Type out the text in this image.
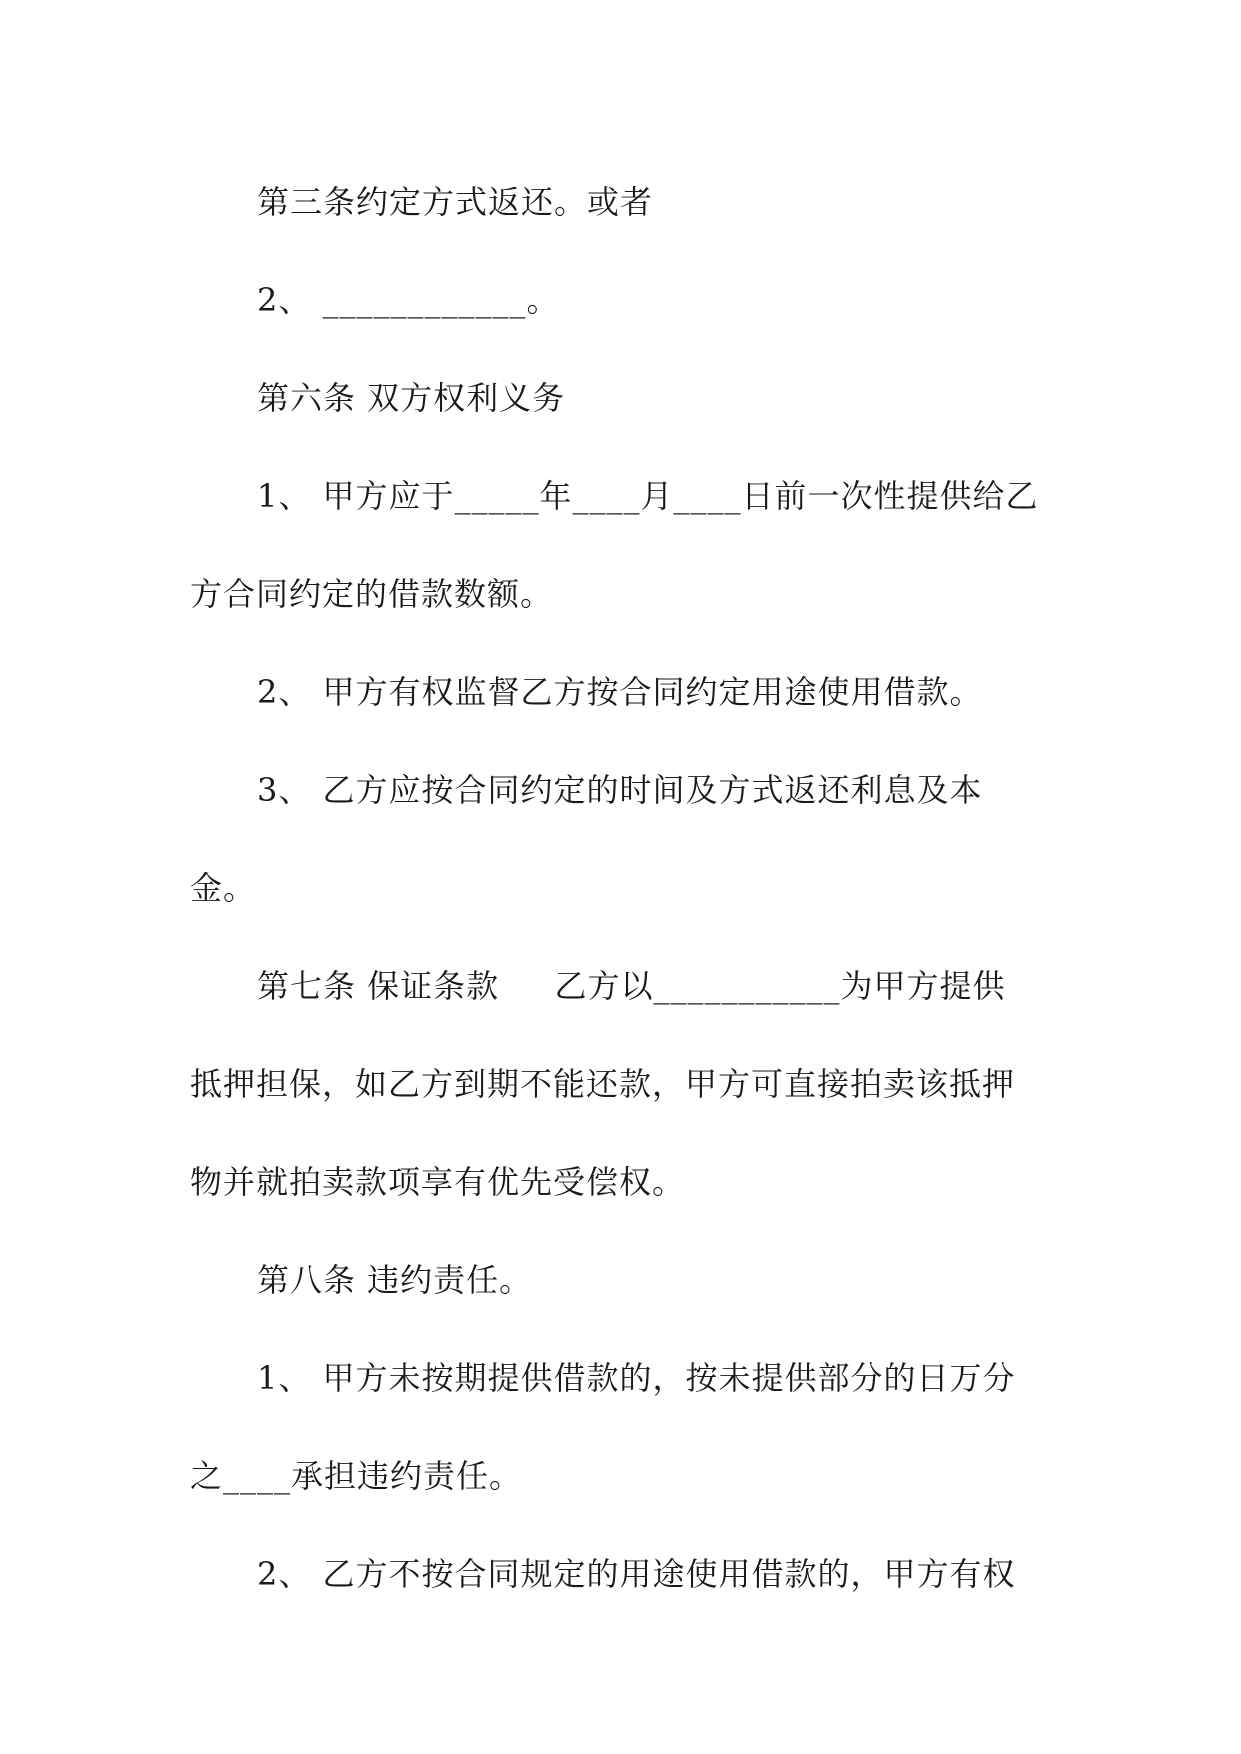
第三条约定方式返还。或者
2、 ____________。
第六条 双方权利义务
1、 甲方应于_____年____月____日前一次性提供给乙
方合同约定的借款数额。
2、 甲方有权监督乙方按合同约定用途使用借款。
3、 乙方应按合同约定的时间及方式返还利息及本
金。
第七条 保证条款 　 乙方以___________为甲方提供
抵押担保，如乙方到期不能还款，甲方可直接拍卖该抵押
物并就拍卖款项享有优先受偿权。
第八条 违约责任。
1、 甲方未按期提供借款的，按未提供部分的日万分
之____承担违约责任。
2、 乙方不按合同规定的用途使用借款的，甲方有权
